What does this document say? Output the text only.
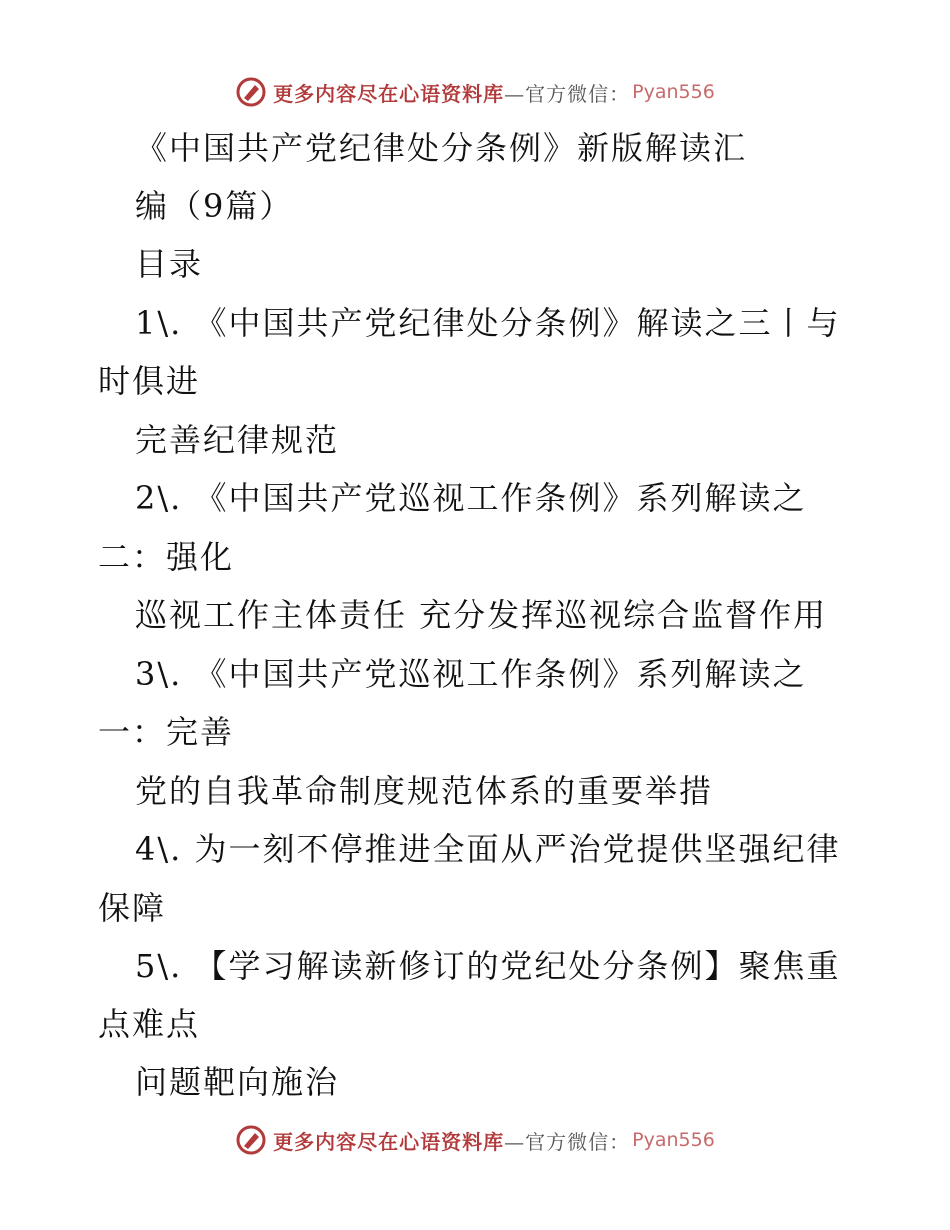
更多内容尽在心语资料库 —官方微信： Pyan556
《中国共产党纪律处分条例》新版解读汇
编（9篇）
目录
1\. 《中国共产党纪律处分条例》解读之三丨与
时俱进
完善纪律规范
2\. 《中国共产党巡视工作条例》系列解读之
二：强化
巡视工作主体责任 充分发挥巡视综合监督作用
3\. 《中国共产党巡视工作条例》系列解读之
一：完善
党的自我革命制度规范体系的重要举措
4\. 为一刻不停推进全面从严治党提供坚强纪律
保障
5\. 【学习解读新修订的党纪处分条例】聚焦重
点难点
问题靶向施治
更多内容尽在心语资料库 —官方微信： Pyan556
